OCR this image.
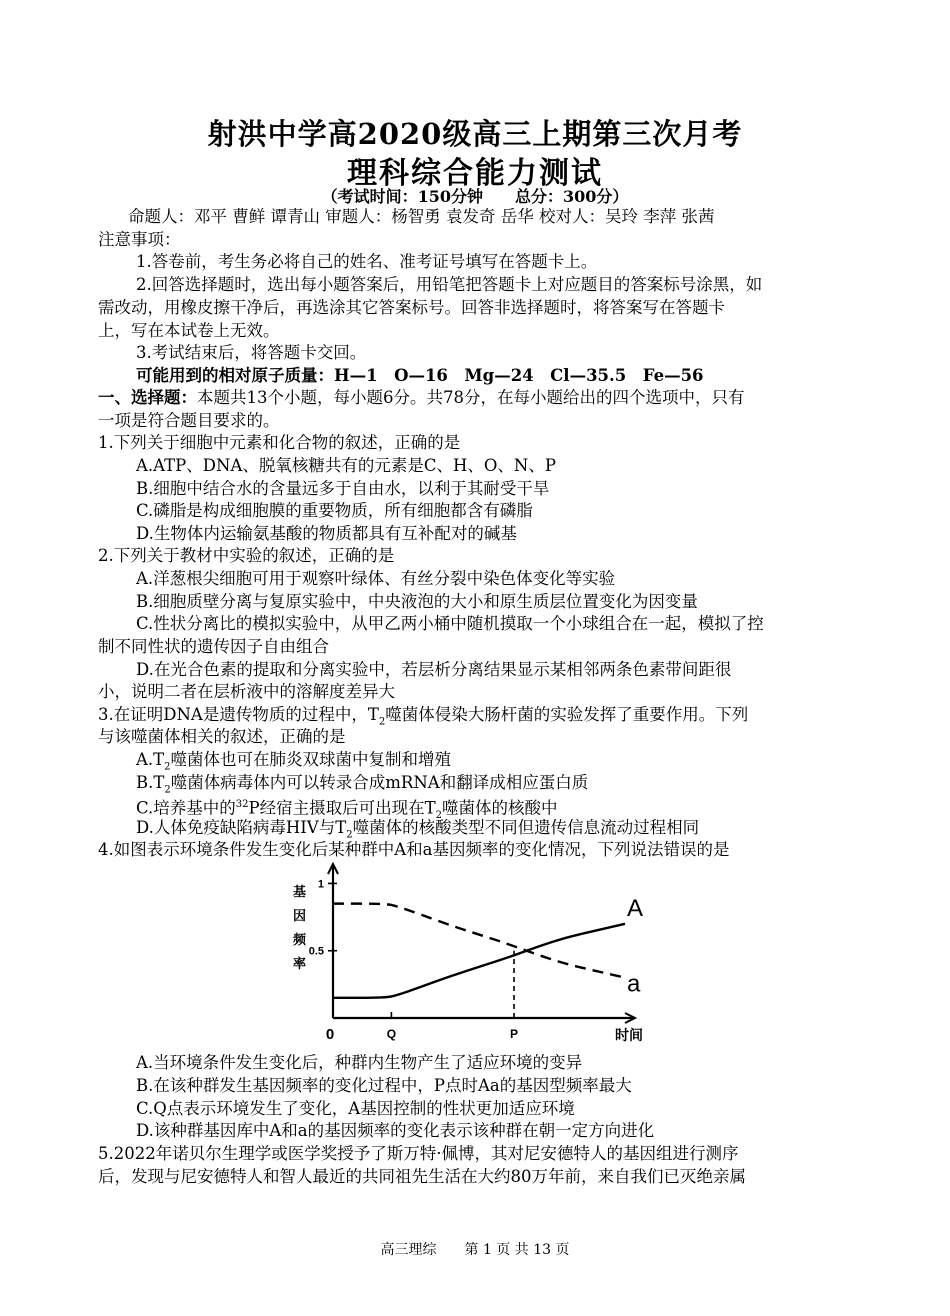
射洪中学高2020级高三上期第三次月考
理科综合能力测试
（考试时间：150分钟　　总分：300分）
命题人：邓平 曹鲜 谭青山 审题人：杨智勇 袁发奇 岳华 校对人：吴玲 李萍 张茜
注意事项：
1.答卷前，考生务必将自己的姓名、准考证号填写在答题卡上。
2.回答选择题时，选出每小题答案后，用铅笔把答题卡上对应题目的答案标号涂黑，如
需改动，用橡皮擦干净后，再选涂其它答案标号。回答非选择题时，将答案写在答题卡
上，写在本试卷上无效。
3.考试结束后，将答题卡交回。
可能用到的相对原子质量：H—1　O—16　Mg—24　Cl—35.5　Fe—56
一、选择题：本题共13个小题，每小题6分。共78分，在每小题给出的四个选项中，只有
一项是符合题目要求的。
1.下列关于细胞中元素和化合物的叙述，正确的是
A.ATP、DNA、脱氧核糖共有的元素是C、H、O、N、P
B.细胞中结合水的含量远多于自由水，以利于其耐受干旱
C.磷脂是构成细胞膜的重要物质，所有细胞都含有磷脂
D.生物体内运输氨基酸的物质都具有互补配对的碱基
2.下列关于教材中实验的叙述，正确的是
A.洋葱根尖细胞可用于观察叶绿体、有丝分裂中染色体变化等实验
B.细胞质壁分离与复原实验中，中央液泡的大小和原生质层位置变化为因变量
C.性状分离比的模拟实验中，从甲乙两小桶中随机摸取一个小球组合在一起，模拟了控
制不同性状的遗传因子自由组合
D.在光合色素的提取和分离实验中，若层析分离结果显示某相邻两条色素带间距很
小，说明二者在层析液中的溶解度差异大
3.在证明DNA是遗传物质的过程中，$T_2$噬菌体侵染大肠杆菌的实验发挥了重要作用。下列
与该噬菌体相关的叙述，正确的是
$A.T_2$噬菌体也可在肺炎双球菌中复制和增殖
$B.T_2$噬菌体病毒体内可以转录合成mRNA和翻译成相应蛋白质
C.培养基中的$^{32}$P经宿主摄取后可出现在$T_2$噬菌体的核酸中
D.人体免疫缺陷病毒HIV与$T_2$噬菌体的核酸类型不同但遗传信息流动过程相同
4.如图表示环境条件发生变化后某种群中A和a基因频率的变化情况，下列说法错误的是
1
0.5
基
因
频
率
Q	P
0	时间
A
a
A.当环境条件发生变化后，种群内生物产生了适应环境的变异
B.在该种群发生基因频率的变化过程中，P点时Aa的基因型频率最大
C.Q点表示环境发生了变化，A基因控制的性状更加适应环境
D.该种群基因库中A和a的基因频率的变化表示该种群在朝一定方向进化
5.2022年诺贝尔生理学或医学奖授予了斯万特·佩博，其对尼安德特人的基因组进行测序
后，发现与尼安德特人和智人最近的共同祖先生活在大约80万年前，来自我们已灭绝亲属
高三理综　　第 1 页 共 13 页
